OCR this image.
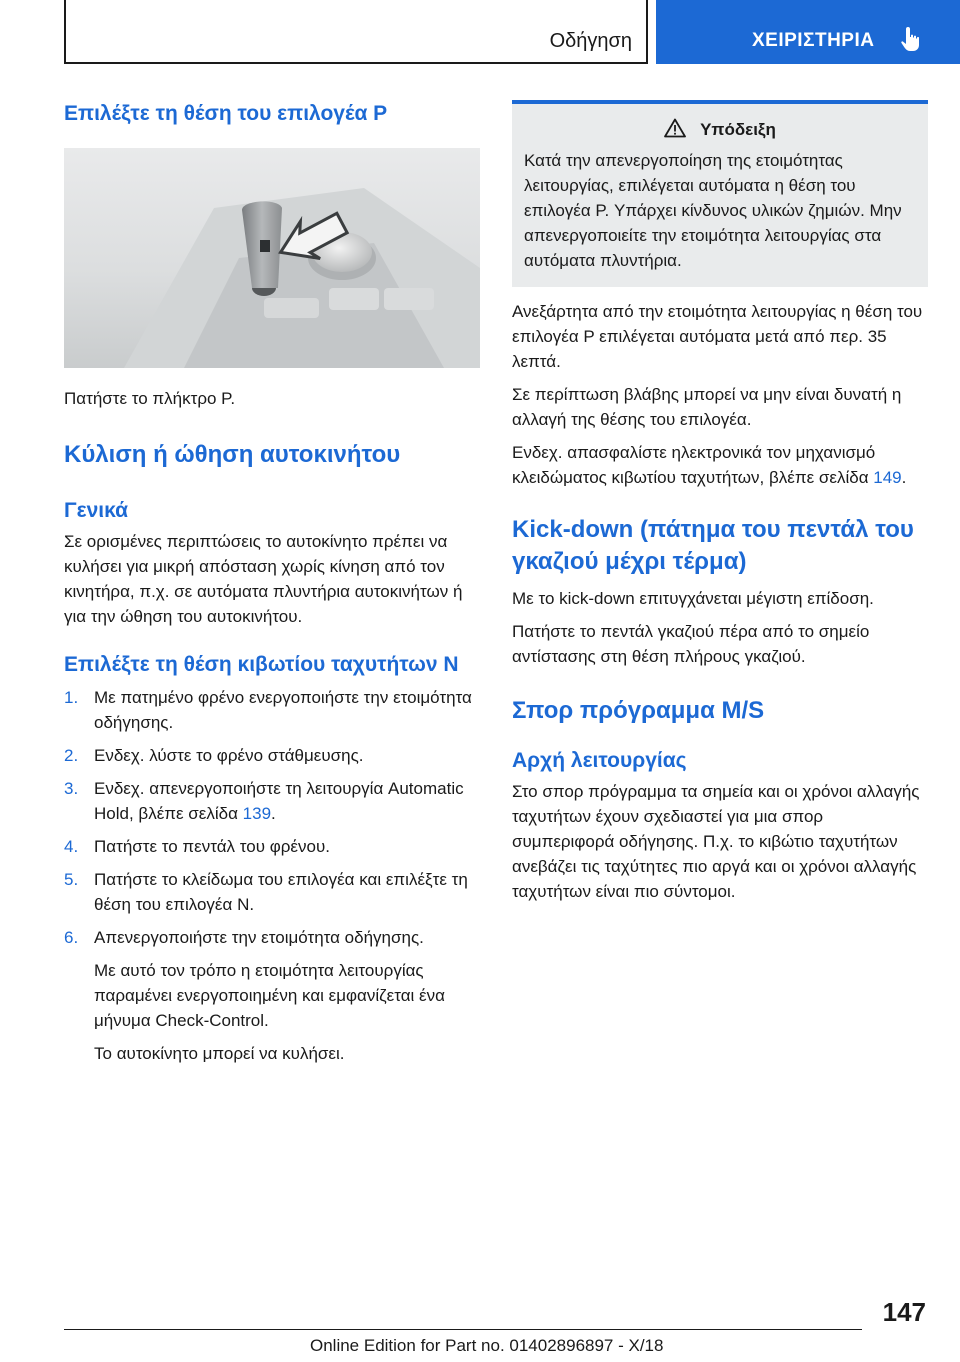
Οδήγηση	ΧΕΙΡΙΣΤΗΡΙΑ
Επιλέξτε τη θέση του επιλογέα P

Πατήστε το πλήκτρο P.

Κύλιση ή ώθηση αυτοκινήτου
Γενικά

Σε ορισμένες περιπτώσεις το αυτοκίνητο πρέπει να κυλήσει για μικρή απόσταση χωρίς κίνηση από τον κινητήρα, π.χ. σε αυτόματα πλυντήρια αυτοκινήτων ή για την ώθηση του αυτοκινήτου.

Επιλέξτε τη θέση κιβωτίου ταχυτήτων N
1. Με πατημένο φρένο ενεργοποιήστε την ετοιμότητα οδήγησης.

2. Ενδεχ. λύστε το φρένο στάθμευσης.

3. Ενδεχ. απενεργοποιήστε τη λειτουργία Automatic Hold, βλέπε σελίδα 139.

4. Πατήστε το πεντάλ του φρένου.

5. Πατήστε το κλείδωμα του επιλογέα και επιλέξτε τη θέση του επιλογέα N.

6. Απενεργοποιήστε την ετοιμότητα οδήγησης.

Με αυτό τον τρόπο η ετοιμότητα λειτουργίας παραμένει ενεργοποιημένη και εμφανίζεται ένα μήνυμα Check-Control.

Το αυτοκίνητο μπορεί να κυλήσει.

Υπόδειξη

Κατά την απενεργοποίηση της ετοιμότητας λειτουργίας, επιλέγεται αυτόματα η θέση του επιλογέα P. Υπάρχει κίνδυνος υλικών ζημιών. Μην απενεργοποιείτε την ετοιμότητα λειτουργίας στα αυτόματα πλυντήρια.

Ανεξάρτητα από την ετοιμότητα λειτουργίας η θέση του επιλογέα P επιλέγεται αυτόματα μετά από περ. 35 λεπτά.

Σε περίπτωση βλάβης μπορεί να μην είναι δυνατή η αλλαγή της θέσης του επιλογέα.

Ενδεχ. απασφαλίστε ηλεκτρονικά τον μηχανισμό κλειδώματος κιβωτίου ταχυτήτων, βλέπε σελίδα 149.

Kick-down (πάτημα του πεντάλ του γκαζιού μέχρι τέρμα)

Με το kick-down επιτυγχάνεται μέγιστη επίδοση.

Πατήστε το πεντάλ γκαζιού πέρα από το σημείο αντίστασης στη θέση πλήρους γκαζιού.

Σπορ πρόγραμμα M/S
Αρχή λειτουργίας

Στο σπορ πρόγραμμα τα σημεία και οι χρόνοι αλλαγής ταχυτήτων έχουν σχεδιαστεί για μια σπορ συμπεριφορά οδήγησης. Π.χ. το κιβώτιο ταχυτήτων ανεβάζει τις ταχύτητες πιο αργά και οι χρόνοι αλλαγής ταχυτήτων είναι πιο σύντομοι.

147
Online Edition for Part no. 01402896897 - X/18
